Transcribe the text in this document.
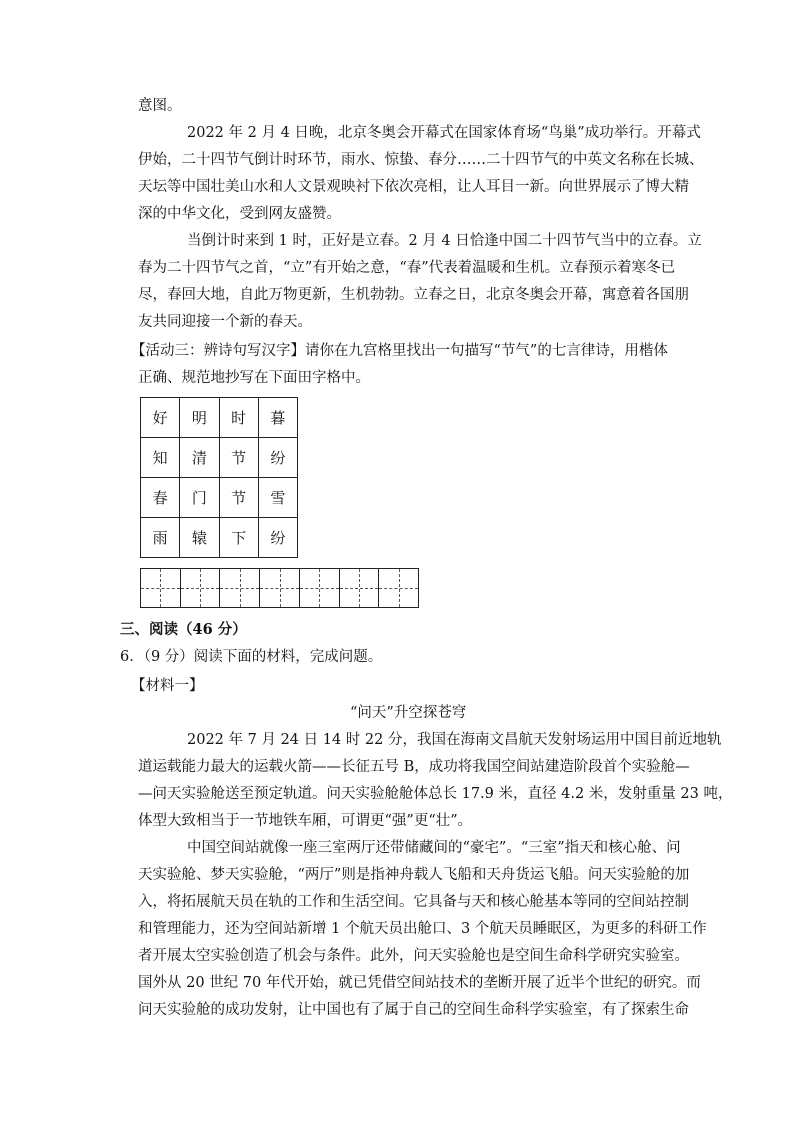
意图。
2022 年 2 月 4 日晚，北京冬奥会开幕式在国家体育场“鸟巢”成功举行。开幕式
伊始，二十四节气倒计时环节，雨水、惊蛰、春分……二十四节气的中英文名称在长城、
天坛等中国壮美山水和人文景观映衬下依次亮相，让人耳目一新。向世界展示了博大精
深的中华文化，受到网友盛赞。
当倒计时来到 1 时，正好是立春。2 月 4 日恰逢中国二十四节气当中的立春。立
春为二十四节气之首，“立”有开始之意，“春”代表着温暖和生机。立春预示着寒冬已
尽，春回大地，自此万物更新，生机勃勃。立春之日，北京冬奥会开幕，寓意着各国朋
友共同迎接一个新的春天。
【活动三：辨诗句写汉字】请你在九宫格里找出一句描写“节气”的七言律诗，用楷体
正确、规范地抄写在下面田字格中。
好	明	时	暮
知	清	节	纷
春	门	节	雪
雨	辕	下	纷
三、阅读（46 分）
6．（9 分）阅读下面的材料，完成问题。
【材料一】
“问天”升空探苍穹
2022 年 7 月 24 日 14 时 22 分，我国在海南文昌航天发射场运用中国目前近地轨
道运载能力最大的运载火箭——长征五号 B，成功将我国空间站建造阶段首个实验舱—
—问天实验舱送至预定轨道。问天实验舱舱体总长 17.9 米，直径 4.2 米，发射重量 23 吨，
体型大致相当于一节地铁车厢，可谓更“强”更“壮”。
中国空间站就像一座三室两厅还带储藏间的“豪宅”。“三室”指天和核心舱、问
天实验舱、梦天实验舱，“两厅”则是指神舟载人飞船和天舟货运飞船。问天实验舱的加
入，将拓展航天员在轨的工作和生活空间。它具备与天和核心舱基本等同的空间站控制
和管理能力，还为空间站新增 1 个航天员出舱口、3 个航天员睡眠区，为更多的科研工作
者开展太空实验创造了机会与条件。此外，问天实验舱也是空间生命科学研究实验室。
国外从 20 世纪 70 年代开始，就已凭借空间站技术的垄断开展了近半个世纪的研究。而
问天实验舱的成功发射，让中国也有了属于自己的空间生命科学实验室，有了探索生命
